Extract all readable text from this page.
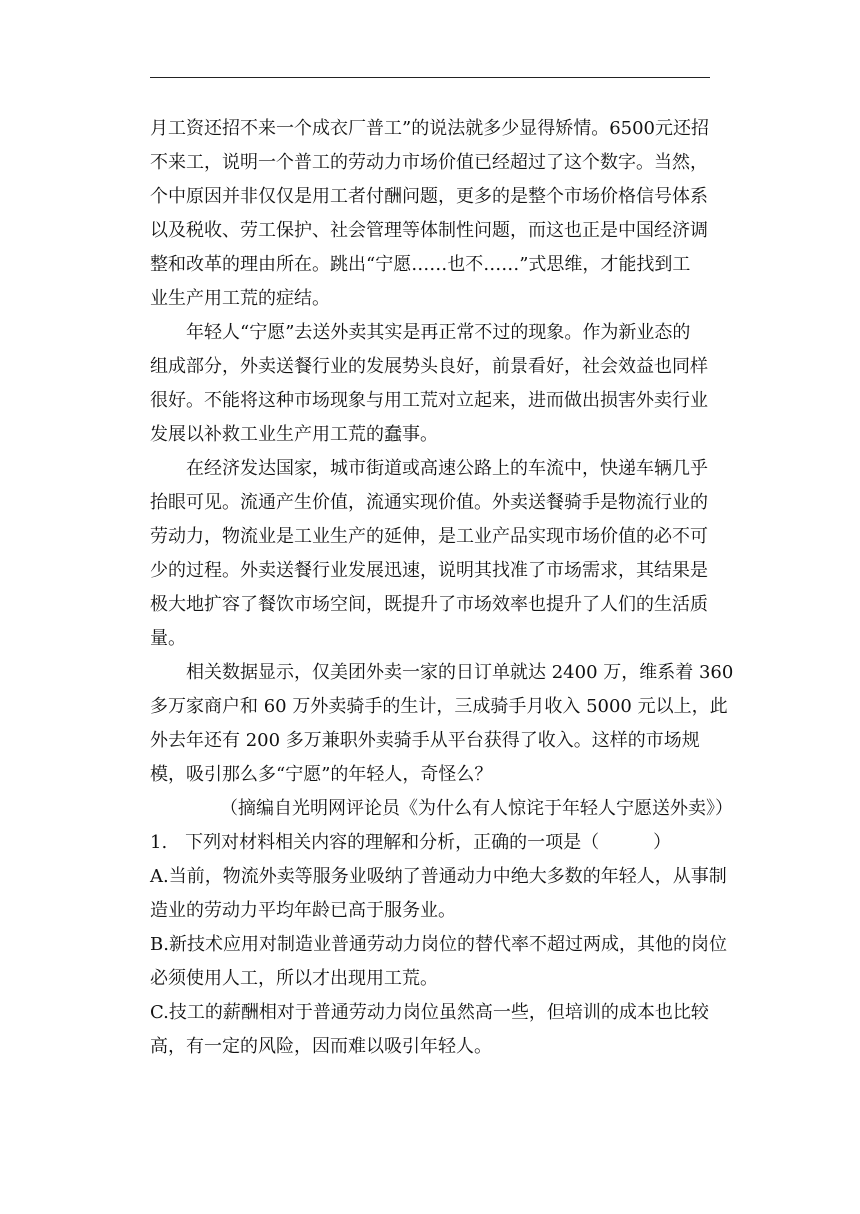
月工资还招不来一个成衣厂普工”的说法就多少显得矫情。6500元还招
不来工，说明一个普工的劳动力市场价值已经超过了这个数字。当然，
个中原因并非仅仅是用工者付酬问题，更多的是整个市场价格信号体系
以及税收、劳工保护、社会管理等体制性问题，而这也正是中国经济调
整和改革的理由所在。跳出“宁愿……也不……”式思维，才能找到工
业生产用工荒的症结。
年轻人“宁愿”去送外卖其实是再正常不过的现象。作为新业态的
组成部分，外卖送餐行业的发展势头良好，前景看好，社会效益也同样
很好。不能将这种市场现象与用工荒对立起来，进而做出损害外卖行业
发展以补救工业生产用工荒的蠢事。
在经济发达国家，城市街道或高速公路上的车流中，快递车辆几乎
抬眼可见。流通产生价值，流通实现价值。外卖送餐骑手是物流行业的
劳动力，物流业是工业生产的延伸，是工业产品实现市场价值的必不可
少的过程。外卖送餐行业发展迅速，说明其找准了市场需求，其结果是
极大地扩容了餐饮市场空间，既提升了市场效率也提升了人们的生活质
量。
相关数据显示，仅美团外卖一家的日订单就达 2400 万，维系着 360
多万家商户和 60 万外卖骑手的生计，三成骑手月收入 5000 元以上，此
外去年还有 200 多万兼职外卖骑手从平台获得了收入。这样的市场规
模，吸引那么多“宁愿”的年轻人，奇怪么？
（摘编自光明网评论员《为什么有人惊诧于年轻人宁愿送外卖》）
1.　下列对材料相关内容的理解和分析，正确的一项是（　　　）
A.当前，物流外卖等服务业吸纳了普通动力中绝大多数的年轻人，从事制
造业的劳动力平均年龄已高于服务业。
B.新技术应用对制造业普通劳动力岗位的替代率不超过两成，其他的岗位
必须使用人工，所以才出现用工荒。
C.技工的薪酬相对于普通劳动力岗位虽然高一些，但培训的成本也比较
高，有一定的风险，因而难以吸引年轻人。
